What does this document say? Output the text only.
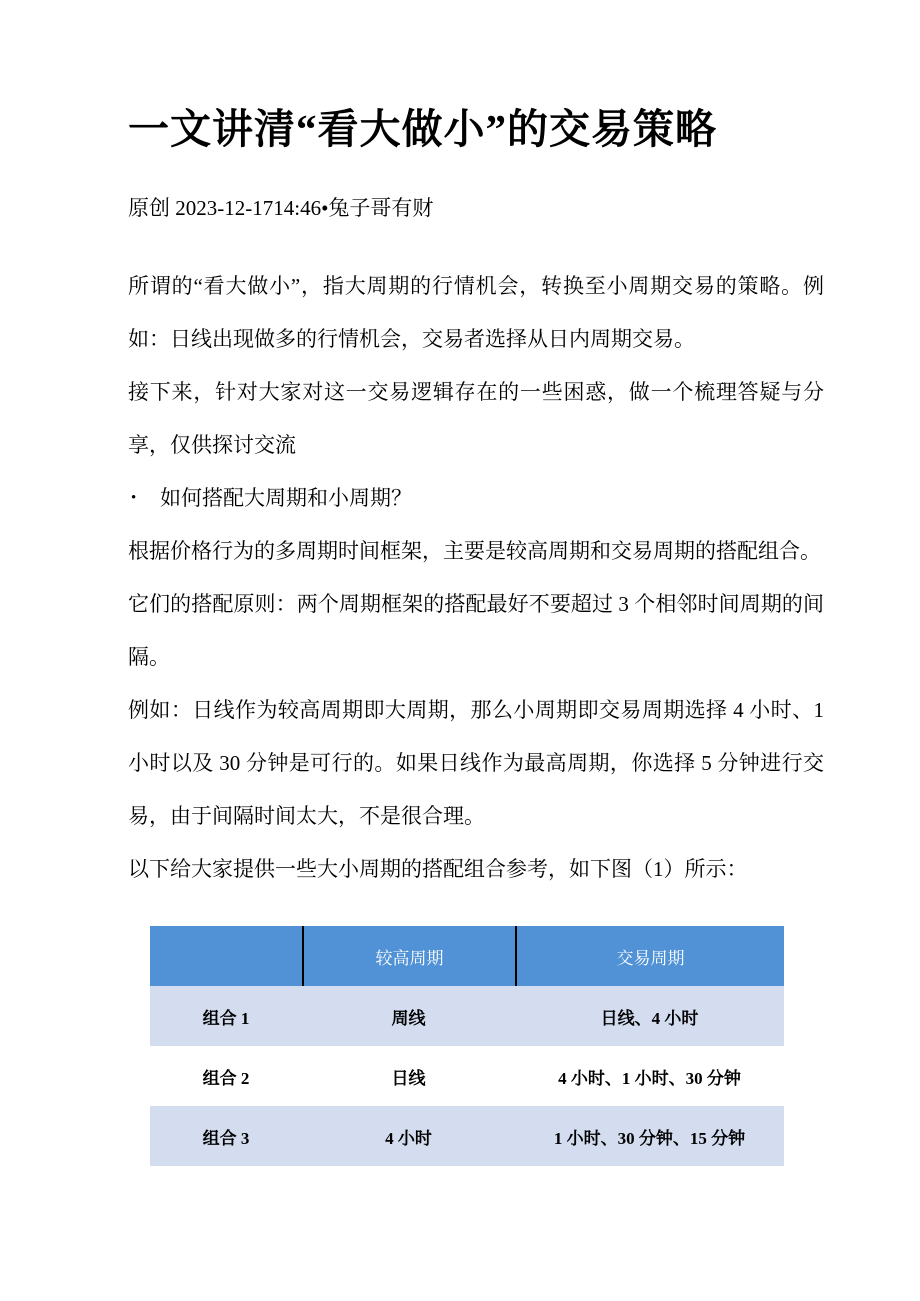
一文讲清“看大做小”的交易策略
原创 2023-12-1714:46•兔子哥有财

所谓的“看大做小”，指大周期的行情机会，转换至小周期交易的策略。例如：日线出现做多的行情机会，交易者选择从日内周期交易。

接下来，针对大家对这一交易逻辑存在的一些困惑，做一个梳理答疑与分享，仅供探讨交流

•	如何搭配大周期和小周期？

根据价格行为的多周期时间框架，主要是较高周期和交易周期的搭配组合。

它们的搭配原则：两个周期框架的搭配最好不要超过 3 个相邻时间周期的间隔。

例如：日线作为较高周期即大周期，那么小周期即交易周期选择 4 小时、1 小时以及 30 分钟是可行的。如果日线作为最高周期，你选择 5 分钟进行交易，由于间隔时间太大，不是很合理。

以下给大家提供一些大小周期的搭配组合参考，如下图（1）所示：

	较高周期	交易周期
组合 1	周线	日线、4 小时
组合 2	日线	4 小时、1 小时、30 分钟
组合 3	4 小时	1 小时、30 分钟、15 分钟
